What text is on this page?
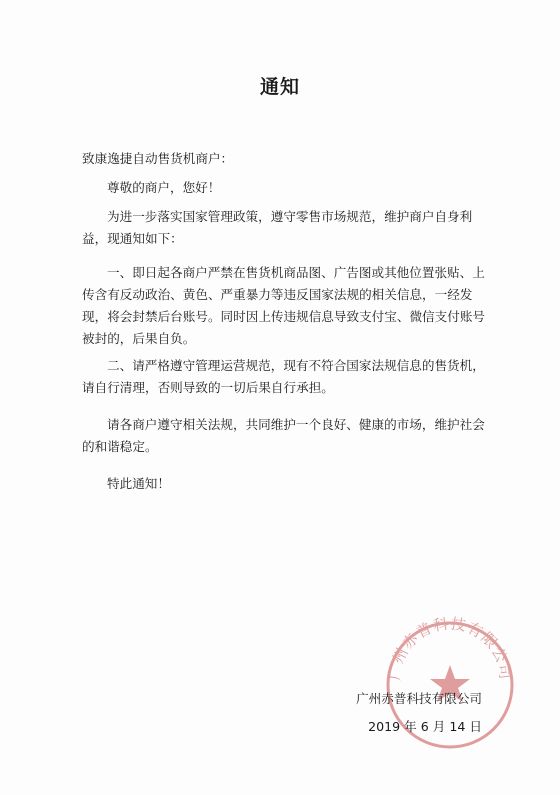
通知

致康逸捷自动售货机商户：

尊敬的商户，您好！

为进一步落实国家管理政策，遵守零售市场规范，维护商户自身利益，现通知如下：

一、即日起各商户严禁在售货机商品图、广告图或其他位置张贴、上传含有反动政治、黄色、严重暴力等违反国家法规的相关信息，一经发现，将会封禁后台账号。同时因上传违规信息导致支付宝、微信支付账号被封的，后果自负。

二、请严格遵守管理运营规范，现有不符合国家法规信息的售货机，请自行清理，否则导致的一切后果自行承担。

请各商户遵守相关法规，共同维护一个良好、健康的市场，维护社会的和谐稳定。

特此通知！

广州赤普科技有限公司
广州赤普科技有限公司
2019 年 6 月 14 日
